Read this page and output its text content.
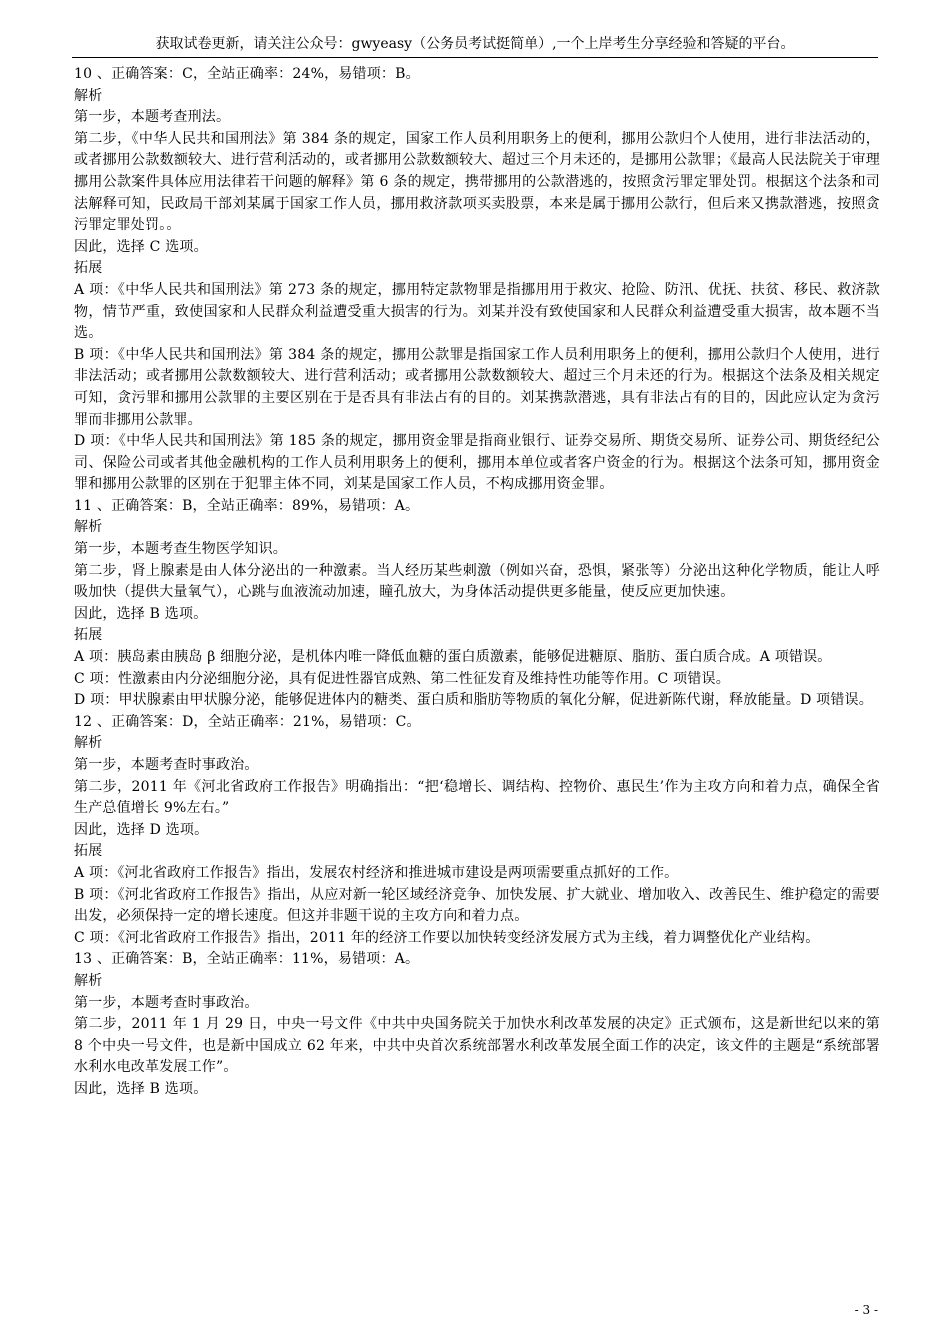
获取试卷更新，请关注公众号：gwyeasy（公务员考试挺简单）,一个上岸考生分享经验和答疑的平台。

10 、正确答案：C，全站正确率：24%，易错项：B。

解析

第一步，本题考查刑法。

第二步，《中华人民共和国刑法》第 384 条的规定，国家工作人员利用职务上的便利，挪用公款归个人使用，进行非法活动的，或者挪用公款数额较大、进行营利活动的，或者挪用公款数额较大、超过三个月未还的，是挪用公款罪；《最高人民法院关于审理挪用公款案件具体应用法律若干问题的解释》第 6 条的规定，携带挪用的公款潜逃的，按照贪污罪定罪处罚。根据这个法条和司法解释可知，民政局干部刘某属于国家工作人员，挪用救济款项买卖股票，本来是属于挪用公款行，但后来又携款潜逃，按照贪污罪定罪处罚。。

因此，选择 C 选项。

拓展

A 项：《中华人民共和国刑法》第 273 条的规定，挪用特定款物罪是指挪用用于救灾、抢险、防汛、优抚、扶贫、移民、救济款物，情节严重，致使国家和人民群众利益遭受重大损害的行为。刘某并没有致使国家和人民群众利益遭受重大损害，故本题不当选。

B 项：《中华人民共和国刑法》第 384 条的规定，挪用公款罪是指国家工作人员利用职务上的便利，挪用公款归个人使用，进行非法活动；或者挪用公款数额较大、进行营利活动；或者挪用公款数额较大、超过三个月未还的行为。根据这个法条及相关规定可知，贪污罪和挪用公款罪的主要区别在于是否具有非法占有的目的。刘某携款潜逃，具有非法占有的目的，因此应认定为贪污罪而非挪用公款罪。

D 项：《中华人民共和国刑法》第 185 条的规定，挪用资金罪是指商业银行、证券交易所、期货交易所、证券公司、期货经纪公司、保险公司或者其他金融机构的工作人员利用职务上的便利，挪用本单位或者客户资金的行为。根据这个法条可知，挪用资金罪和挪用公款罪的区别在于犯罪主体不同，刘某是国家工作人员，不构成挪用资金罪。

11 、正确答案：B，全站正确率：89%，易错项：A。

解析

第一步，本题考查生物医学知识。

第二步，肾上腺素是由人体分泌出的一种激素。当人经历某些刺激（例如兴奋，恐惧，紧张等）分泌出这种化学物质，能让人呼吸加快（提供大量氧气），心跳与血液流动加速，瞳孔放大，为身体活动提供更多能量，使反应更加快速。

因此，选择 B 选项。

拓展

A 项：胰岛素由胰岛 β 细胞分泌，是机体内唯一降低血糖的蛋白质激素，能够促进糖原、脂肪、蛋白质合成。A 项错误。

C 项：性激素由内分泌细胞分泌，具有促进性器官成熟、第二性征发育及维持性功能等作用。C 项错误。

D 项：甲状腺素由甲状腺分泌，能够促进体内的糖类、蛋白质和脂肪等物质的氧化分解，促进新陈代谢，释放能量。D 项错误。

12 、正确答案：D，全站正确率：21%，易错项：C。

解析

第一步，本题考查时事政治。

第二步，2011 年《河北省政府工作报告》明确指出：“把‘稳增长、调结构、控物价、惠民生’作为主攻方向和着力点，确保全省生产总值增长 9%左右。”

因此，选择 D 选项。

拓展

A 项：《河北省政府工作报告》指出，发展农村经济和推进城市建设是两项需要重点抓好的工作。

B 项：《河北省政府工作报告》指出，从应对新一轮区域经济竞争、加快发展、扩大就业、增加收入、改善民生、维护稳定的需要出发，必须保持一定的增长速度。但这并非题干说的主攻方向和着力点。

C 项：《河北省政府工作报告》指出，2011 年的经济工作要以加快转变经济发展方式为主线，着力调整优化产业结构。

13 、正确答案：B，全站正确率：11%，易错项：A。

解析

第一步，本题考查时事政治。

第二步，2011 年 1 月 29 日，中央一号文件《中共中央国务院关于加快水利改革发展的决定》正式颁布，这是新世纪以来的第 8 个中央一号文件，也是新中国成立 62 年来，中共中央首次系统部署水利改革发展全面工作的决定，该文件的主题是“系统部署水利水电改革发展工作”。

因此，选择 B 选项。

- 3 -
